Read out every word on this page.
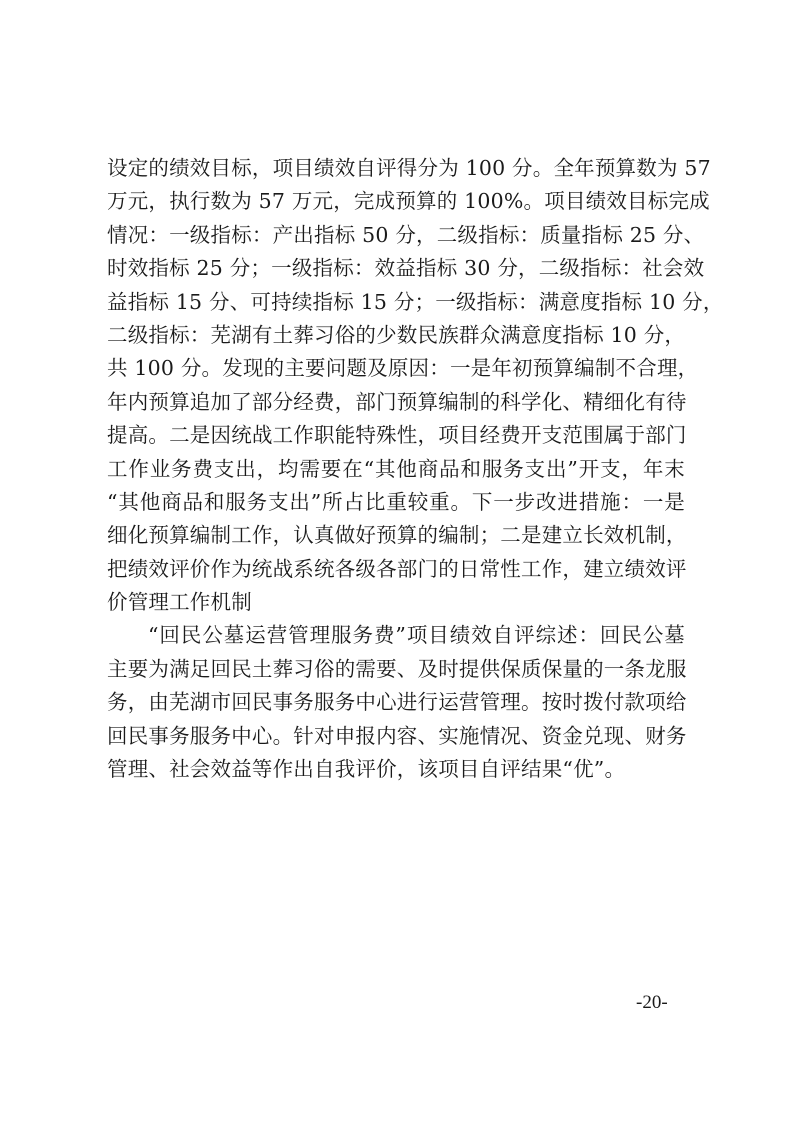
设定的绩效目标，项目绩效自评得分为 100 分。全年预算数为 57
万元，执行数为 57 万元，完成预算的 100%。项目绩效目标完成
情况：一级指标：产出指标 50 分，二级指标：质量指标 25 分、
时效指标 25 分；一级指标：效益指标 30 分，二级指标：社会效
益指标 15 分、可持续指标 15 分；一级指标：满意度指标 10 分，
二级指标：芜湖有土葬习俗的少数民族群众满意度指标 10 分，
共 100 分。发现的主要问题及原因：一是年初预算编制不合理，
年内预算追加了部分经费，部门预算编制的科学化、精细化有待
提高。二是因统战工作职能特殊性，项目经费开支范围属于部门
工作业务费支出，均需要在“其他商品和服务支出”开支，年末
“其他商品和服务支出”所占比重较重。下一步改进措施：一是
细化预算编制工作，认真做好预算的编制；二是建立长效机制，
把绩效评价作为统战系统各级各部门的日常性工作，建立绩效评
价管理工作机制
“回民公墓运营管理服务费”项目绩效自评综述：回民公墓
主要为满足回民土葬习俗的需要、及时提供保质保量的一条龙服
务，由芜湖市回民事务服务中心进行运营管理。按时拨付款项给
回民事务服务中心。针对申报内容、实施情况、资金兑现、财务
管理、社会效益等作出自我评价，该项目自评结果“优”。
-20-
